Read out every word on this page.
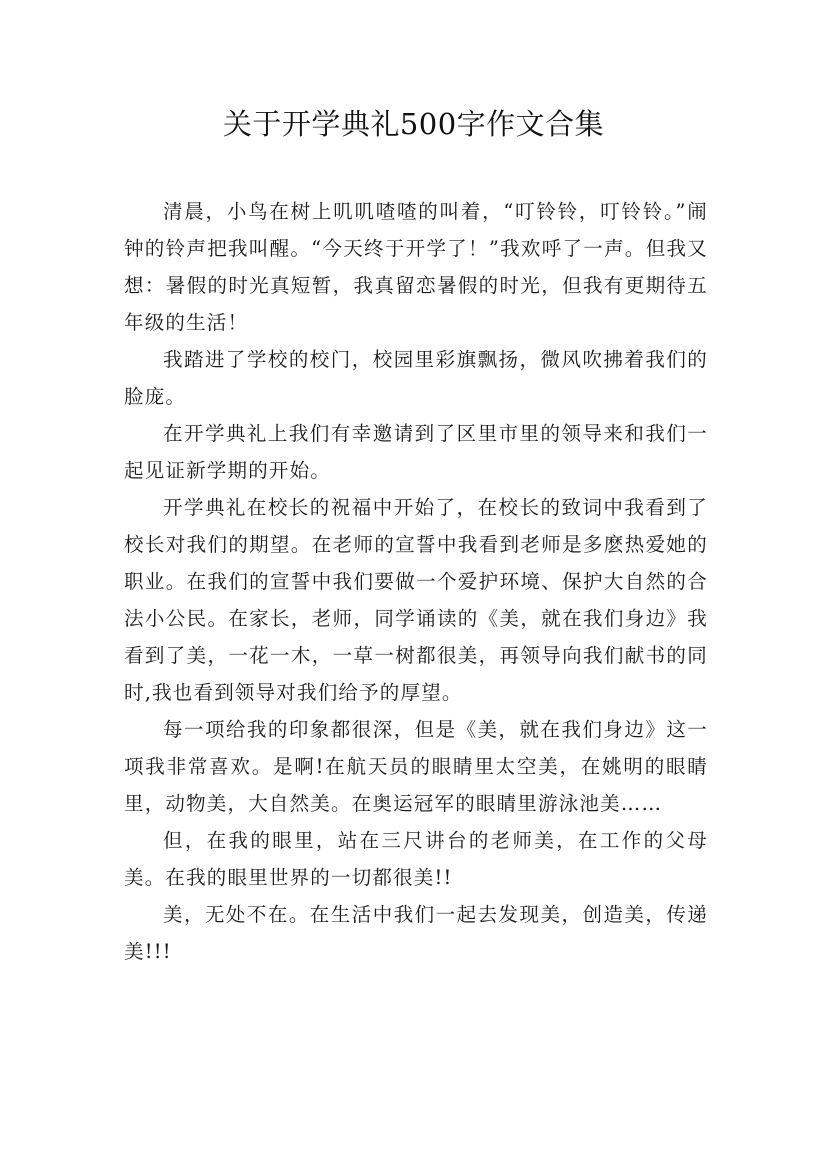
关于开学典礼500字作文合集

清晨，小鸟在树上叽叽喳喳的叫着，“叮铃铃，叮铃铃。”闹钟的铃声把我叫醒。“今天终于开学了！”我欢呼了一声。但我又想：暑假的时光真短暂，我真留恋暑假的时光，但我有更期待五年级的生活！

我踏进了学校的校门，校园里彩旗飘扬，微风吹拂着我们的脸庞。

在开学典礼上我们有幸邀请到了区里市里的领导来和我们一起见证新学期的开始。

开学典礼在校长的祝福中开始了，在校长的致词中我看到了校长对我们的期望。在老师的宣誓中我看到老师是多麽热爱她的职业。在我们的宣誓中我们要做一个爱护环境、保护大自然的合法小公民。在家长，老师，同学诵读的《美，就在我们身边》我看到了美，一花一木，一草一树都很美，再领导向我们献书的同时,我也看到领导对我们给予的厚望。

每一项给我的印象都很深，但是《美，就在我们身边》这一项我非常喜欢。是啊!在航天员的眼睛里太空美，在姚明的眼睛里，动物美，大自然美。在奥运冠军的眼睛里游泳池美……

但，在我的眼里，站在三尺讲台的老师美，在工作的父母美。在我的眼里世界的一切都很美!!

美，无处不在。在生活中我们一起去发现美，创造美，传递美!!!
